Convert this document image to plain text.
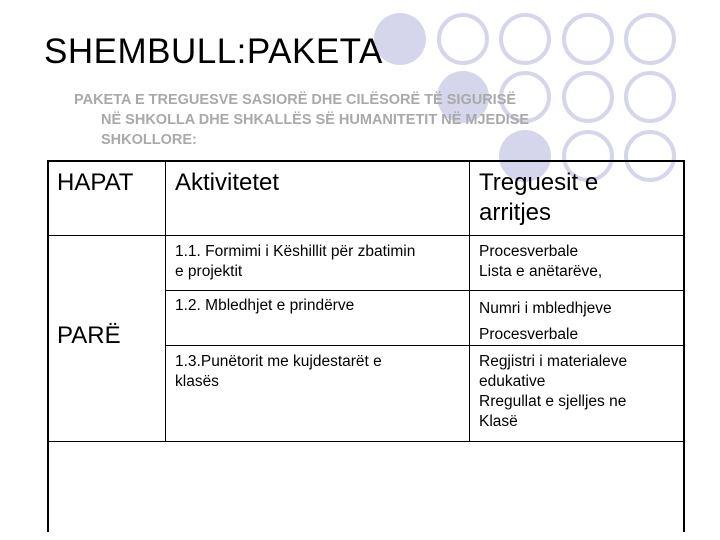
SHEMBULL:PAKETA
PAKETA E TREGUESVE SASIORË DHE CILËSORË TË SIGURISË
NË SHKOLLA DHE SHKALLËS SË HUMANITETIT NË MJEDISE
SHKOLLORE:
HAPAT Aktivitetet	Treguesit e
arritjes
PARË
1.1. Formimi i Këshillit për zbatimin
e projektit
Procesverbale
Lista e anëtarëve,
1.2. Mbledhjet e prindërve	Numri i mbledhjeve
Procesverbale
1.3.Punëtorit me kujdestarët e
klasës
Regjistri i materialeve
edukative
Rregullat e sjelljes ne
Klasë
